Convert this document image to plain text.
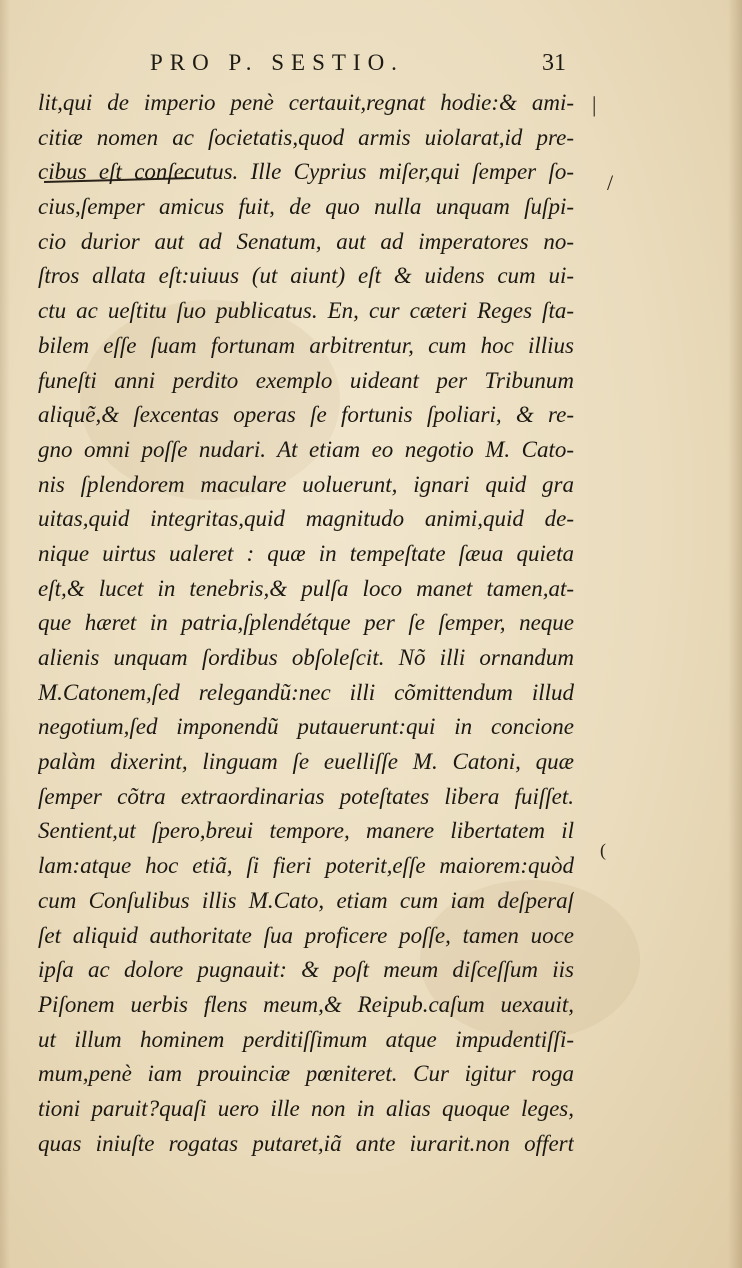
PRO P. SESTIO.	31
|
/
(
lit,qui de imperio penè certauit,regnat hodie:& ami-
citiæ nomen ac ſocietatis,quod armis uiolarat,id pre-
cibus eſt conſecutus. Ille Cyprius miſer,qui ſemper ſo-
cius,ſemper amicus fuit, de quo nulla unquam ſuſpi-
cio durior aut ad Senatum, aut ad imperatores no-
ſtros allata eſt:uiuus (ut aiunt) eſt & uidens cum ui-
ctu ac ueſtitu ſuo publicatus. En, cur cæteri Reges ſta-
bilem eſſe ſuam fortunam arbitrentur, cum hoc illius
funeſti anni perdito exemplo uideant per Tribunum
aliquẽ,& ſexcentas operas ſe fortunis ſpoliari, & re-
gno omni poſſe nudari. At etiam eo negotio M. Cato-
nis ſplendorem maculare uoluerunt, ignari quid gra
uitas,quid integritas,quid magnitudo animi,quid de-
nique uirtus ualeret : quæ in tempeſtate ſæua quieta
eſt,& lucet in tenebris,& pulſa loco manet tamen,at-
que hæret in patria,ſplendétque per ſe ſemper, neque
alienis unquam ſordibus obſoleſcit. Nõ illi ornandum
M.Catonem,ſed relegandũ:nec illi cõmittendum illud
negotium,ſed imponendũ putauerunt:qui in concione
palàm dixerint, linguam ſe euelliſſe M. Catoni, quæ
ſemper cõtra extraordinarias poteſtates libera fuiſſet.
Sentient,ut ſpero,breui tempore, manere libertatem il
lam:atque hoc etiã, ſi fieri poterit,eſſe maiorem:quòd
cum Conſulibus illis M.Cato, etiam cum iam deſperaſ
ſet aliquid authoritate ſua proficere poſſe, tamen uoce
ipſa ac dolore pugnauit: & poſt meum diſceſſum iis
Piſonem uerbis flens meum,& Reipub.caſum uexauit,
ut illum hominem perditiſſimum atque impudentiſſi-
mum,penè iam prouinciæ pœniteret. Cur igitur roga
tioni paruit?quaſi uero ille non in alias quoque leges,
quas iniuſte rogatas putaret,iã ante iurarit.non offert
